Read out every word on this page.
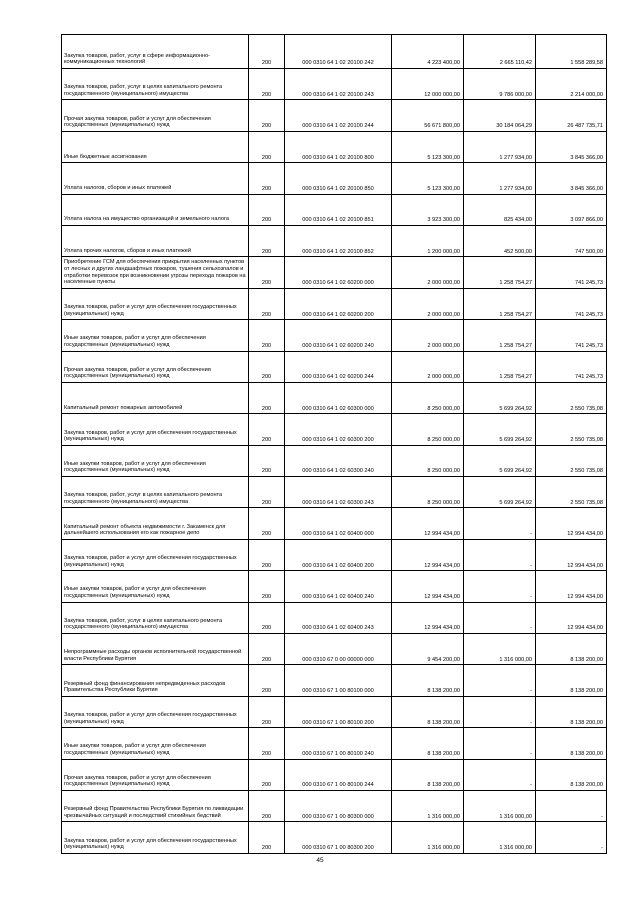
Закупка товаров, работ, услуг в сфере информационно-коммуникационных технологий	200	000 0310 64 1 02 20100 242	4 223 400,00	2 665 110,42	1 558 289,58

Закупка товаров, работ, услуг в целях капитального ремонта государственного (муниципального) имущества	200	000 0310 64 1 02 20100 243	12 000 000,00	9 786 000,00	2 214 000,00

Прочая закупка товаров, работ и услуг для обеспечения государственных (муниципальных) нужд	200	000 0310 64 1 02 20100 244	56 671 800,00	30 184 064,29	26 487 735,71

Иные бюджетные ассигнования	200	000 0310 64 1 02 20100 800	5 123 300,00	1 277 934,00	3 845 366,00

Уплата налогов, сборов и иных платежей	200	000 0310 64 1 02 20100 850	5 123 300,00	1 277 934,00	3 845 366,00

Уплата налога на имущество организаций и земельного налога	200	000 0310 64 1 02 20100 851	3 923 300,00	825 434,00	3 097 866,00

Уплата прочих налогов, сборов и иных платежей	200	000 0310 64 1 02 20100 852	1 200 000,00	452 500,00	747 500,00

Приобретение ГСМ для обеспечения прикрытия населенных пунктов от лесных и других ландшафтных пожаров, тушения сельхозпалов и отработки перевозок при возникновении угрозы перехода пожаров на населенные пункты	200	000 0310 64 1 02 60200 000	2 000 000,00	1 258 754,27	741 245,73

Закупка товаров, работ и услуг для обеспечения государственных (муниципальных) нужд	200	000 0310 64 1 02 60200 200	2 000 000,00	1 258 754,27	741 245,73

Иные закупки товаров, работ и услуг для обеспечения государственных (муниципальных) нужд	200	000 0310 64 1 02 60200 240	2 000 000,00	1 258 754,27	741 245,73

Прочая закупка товаров, работ и услуг для обеспечения государственных (муниципальных) нужд	200	000 0310 64 1 02 60200 244	2 000 000,00	1 258 754,27	741 245,73

Капитальный ремонт пожарных автомобилей	200	000 0310 64 1 02 60300 000	8 250 000,00	5 699 264,92	2 550 735,08

Закупка товаров, работ и услуг для обеспечения государственных (муниципальных) нужд	200	000 0310 64 1 02 60300 200	8 250 000,00	5 699 264,92	2 550 735,08

Иные закупки товаров, работ и услуг для обеспечения государственных (муниципальных) нужд	200	000 0310 64 1 02 60300 240	8 250 000,00	5 699 264,92	2 550 735,08

Закупка товаров, работ, услуг в целях капитального ремонта государственного (муниципального) имущества	200	000 0310 64 1 02 60300 243	8 250 000,00	5 699 264,92	2 550 735,08

Капитальный ремонт объекта недвижимости г. Закаменск для дальнейшего использования его как пожарное депо	200	000 0310 64 1 02 60400 000	12 994 434,00	-	12 994 434,00

Закупка товаров, работ и услуг для обеспечения государственных (муниципальных) нужд	200	000 0310 64 1 02 60400 200	12 994 434,00	-	12 994 434,00

Иные закупки товаров, работ и услуг для обеспечения государственных (муниципальных) нужд	200	000 0310 64 1 02 60400 240	12 994 434,00	-	12 994 434,00

Закупка товаров, работ, услуг в целях капитального ремонта государственного (муниципального) имущества	200	000 0310 64 1 02 60400 243	12 994 434,00	-	12 994 434,00

Непрограммные расходы органов исполнительной государственной власти Республики Бурятия	200	000 0310 67 0 00 00000 000	9 454 200,00	1 316 000,00	8 138 200,00

Резервный фонд финансирования непредвиденных расходов Правительства Республики Бурятия	200	000 0310 67 1 00 80100 000	8 138 200,00	-	8 138 200,00

Закупка товаров, работ и услуг для обеспечения государственных (муниципальных) нужд	200	000 0310 67 1 00 80100 200	8 138 200,00	-	8 138 200,00

Иные закупки товаров, работ и услуг для обеспечения государственных (муниципальных) нужд	200	000 0310 67 1 00 80100 240	8 138 200,00	-	8 138 200,00

Прочая закупка товаров, работ и услуг для обеспечения государственных (муниципальных) нужд	200	000 0310 67 1 00 80100 244	8 138 200,00	-	8 138 200,00

Резервный фонд Правительства Республики Бурятия по ликвидации чрезвычайных ситуаций и последствий стихийных бедствий	200	000 0310 67 1 00 80300 000	1 316 000,00	1 316 000,00	-

Закупка товаров, работ и услуг для обеспечения государственных (муниципальных) нужд	200	000 0310 67 1 00 80300 200	1 316 000,00	1 316 000,00	-
45
